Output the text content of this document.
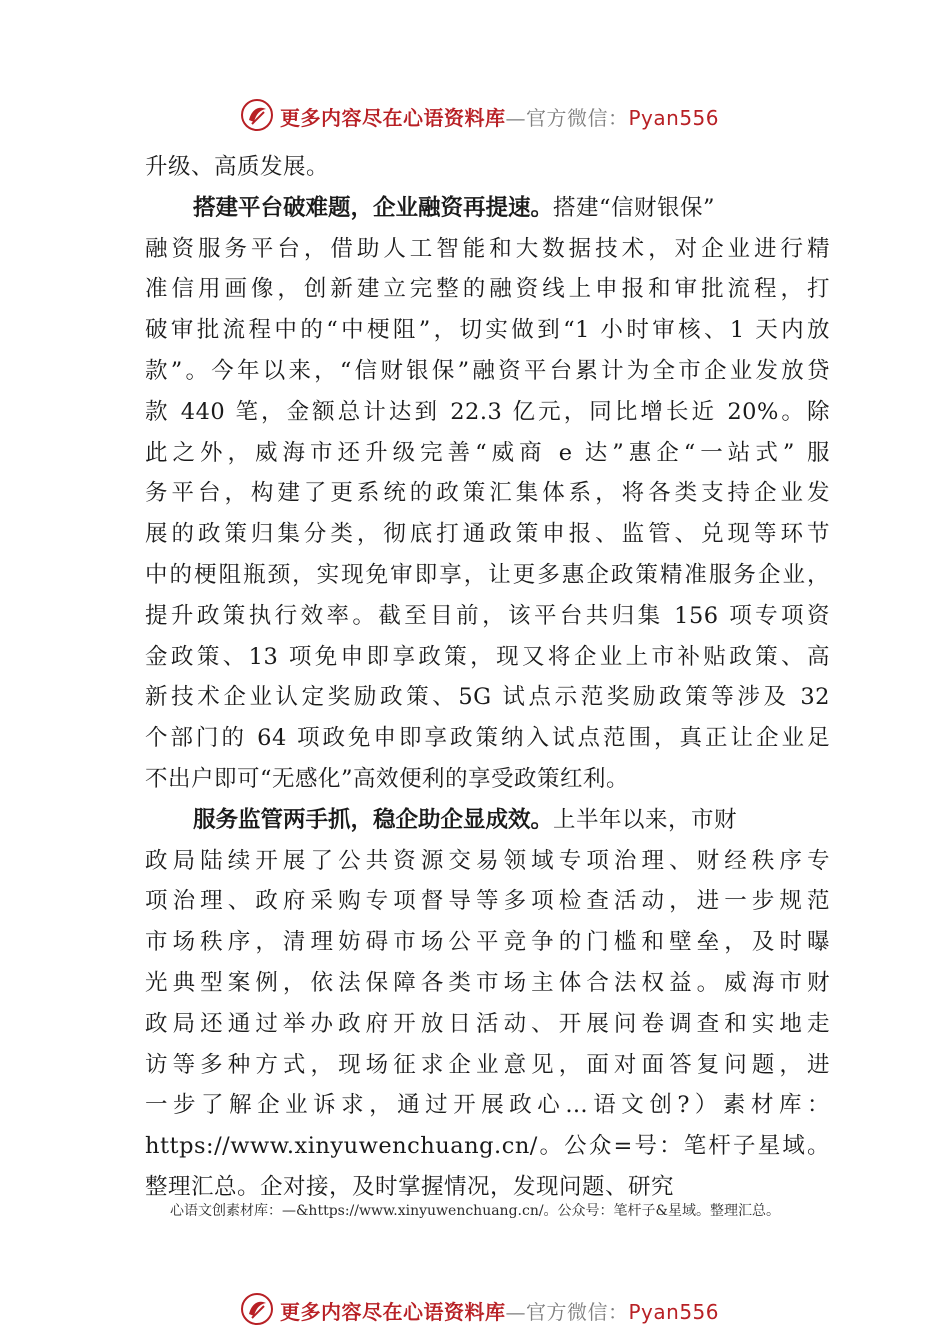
更多内容尽在心语资料库—官方微信：Pyan556
升级、高质发展。
搭建平台破难题，企业融资再提速。搭建“信财银保”
融资服务平台，借助人工智能和大数据技术，对企业进行精
准信用画像，创新建立完整的融资线上申报和审批流程，打
破审批流程中的“中梗阻”，切实做到“1 小时审核、1 天内放
款”。今年以来，“信财银保”融资平台累计为全市企业发放贷
款 440 笔，金额总计达到 22.3 亿元，同比增长近 20%。除
此之外，威海市还升级完善“威商 e 达”惠企“一站式” 服
务平台，构建了更系统的政策汇集体系，将各类支持企业发
展的政策归集分类，彻底打通政策申报、监管、兑现等环节
中的梗阻瓶颈，实现免审即享，让更多惠企政策精准服务企业，
提升政策执行效率。截至目前，该平台共归集 156 项专项资
金政策、13 项免申即享政策，现又将企业上市补贴政策、高
新技术企业认定奖励政策、5G 试点示范奖励政策等涉及 32
个部门的 64 项政免申即享政策纳入试点范围，真正让企业足
不出户即可“无感化”高效便利的享受政策红利。
服务监管两手抓，稳企助企显成效。上半年以来，市财
政局陆续开展了公共资源交易领域专项治理、财经秩序专
项治理、政府采购专项督导等多项检查活动，进一步规范
市场秩序，清理妨碍市场公平竞争的门槛和壁垒，及时曝
光典型案例，依法保障各类市场主体合法权益。威海市财
政局还通过举办政府开放日活动、开展问卷调查和实地走
访等多种方式，现场征求企业意见，面对面答复问题，进
一步了解企业诉求，通过开展政心…语文创?）素材库：
https://www.xinyuwenchuang.cn/。公众=号：笔杆子星域。
整理汇总。企对接，及时掌握情况，发现问题、研究
心语文创素材库：—&https://www.xinyuwenchuang.cn/。公众号：笔杆子&星域。整理汇总。
更多内容尽在心语资料库—官方微信：Pyan556
